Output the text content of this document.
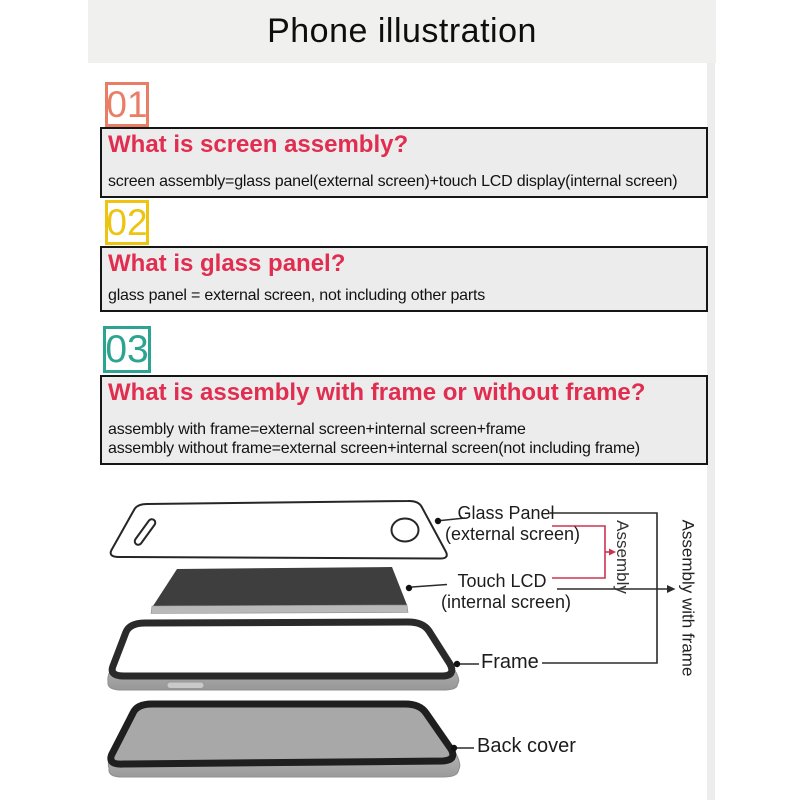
Phone illustration
01
What is screen assembly?
screen assembly=glass panel(external screen)+touch LCD display(internal screen)
02
What is glass panel?
glass panel = external screen, not including other parts
03
What is assembly with frame or without frame?
assembly with frame=external screen+internal screen+frame
assembly without frame=external screen+internal screen(not including frame)
Glass Panel
(external screen)
Touch LCD
(internal screen)
Frame
Back cover
Assembly	Assembly with frame
